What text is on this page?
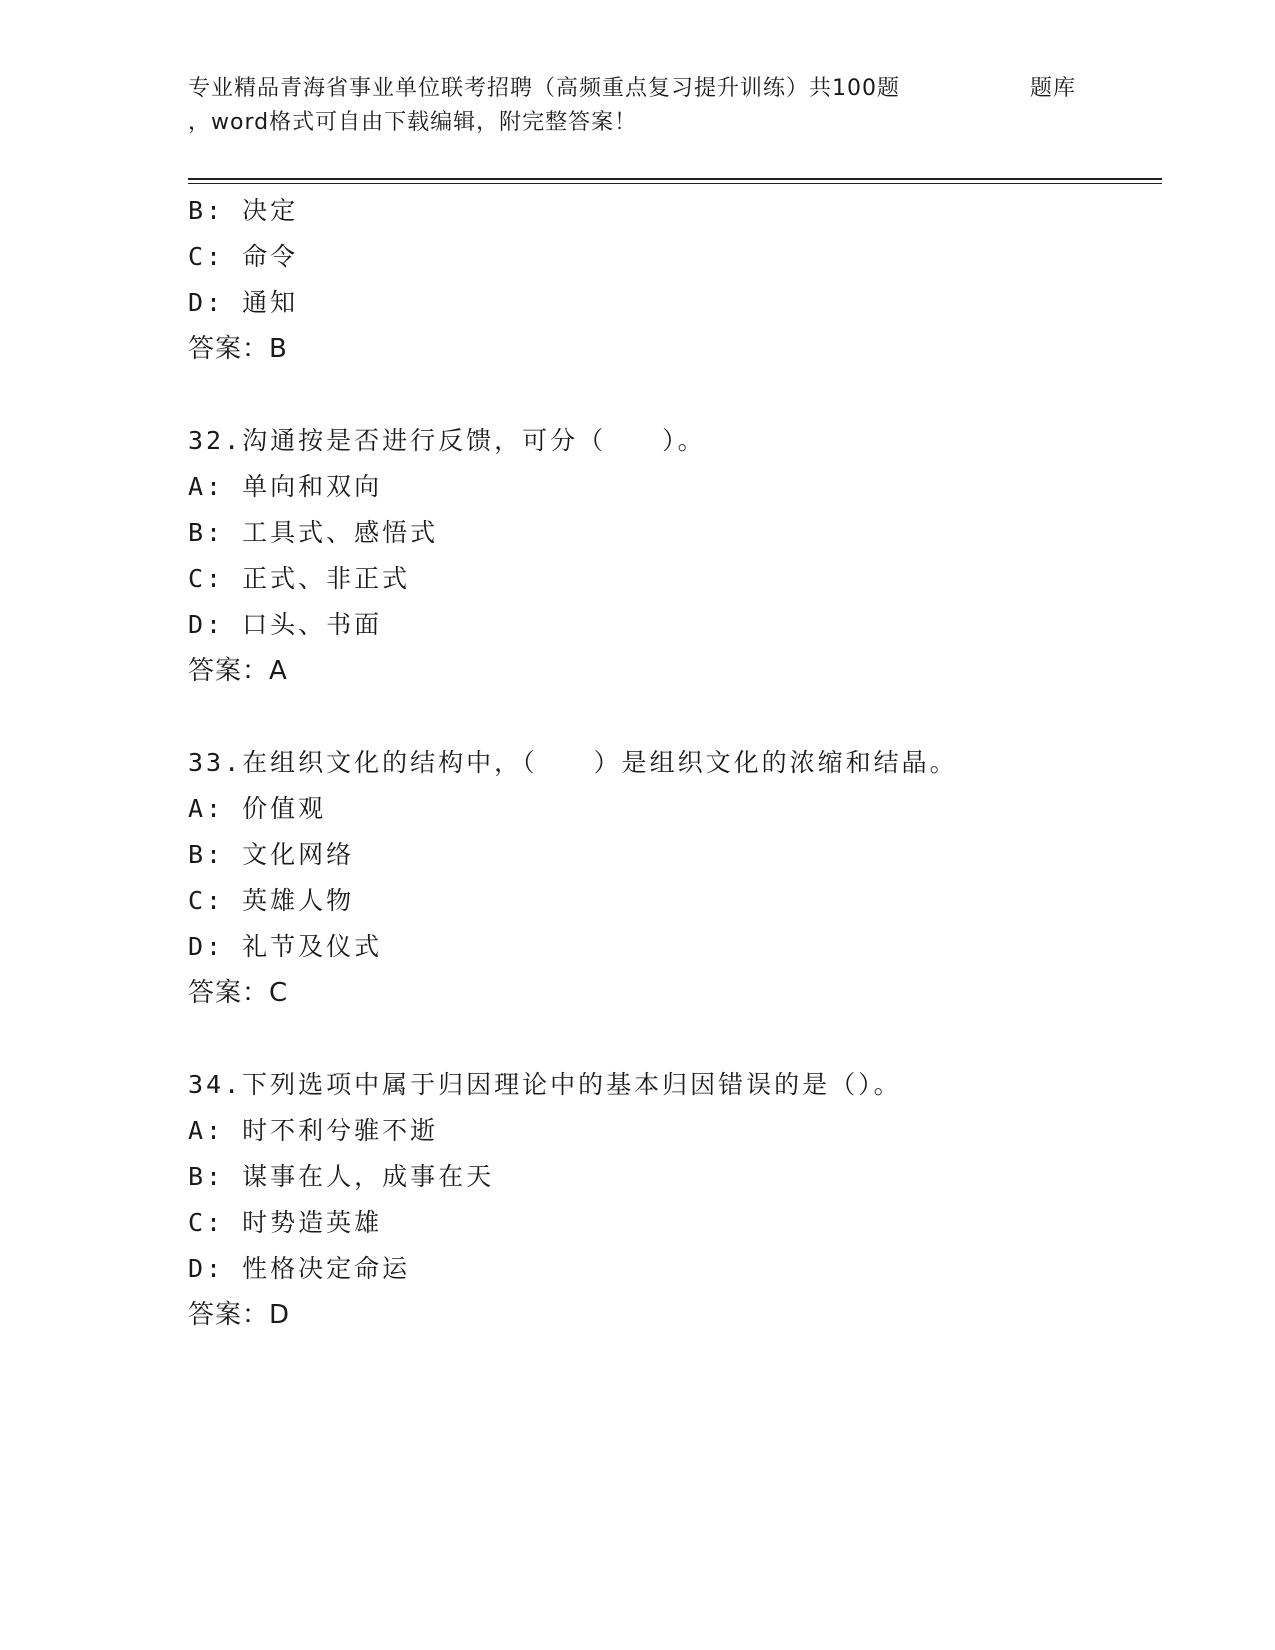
专业精品青海省事业单位联考招聘（高频重点复习提升训练）共100题	题库
，word格式可自由下载编辑，附完整答案！
B: 决定
C: 命令
D: 通知
答案：B
32.沟通按是否进行反馈，可分（　　）。
A: 单向和双向
B: 工具式、感悟式
C: 正式、非正式
D: 口头、书面
答案：A
33.在组织文化的结构中，（　　）是组织文化的浓缩和结晶。
A: 价值观
B: 文化网络
C: 英雄人物
D: 礼节及仪式
答案：C
34.下列选项中属于归因理论中的基本归因错误的是（）。
A: 时不利兮骓不逝
B: 谋事在人，成事在天
C: 时势造英雄
D: 性格决定命运
答案：D
